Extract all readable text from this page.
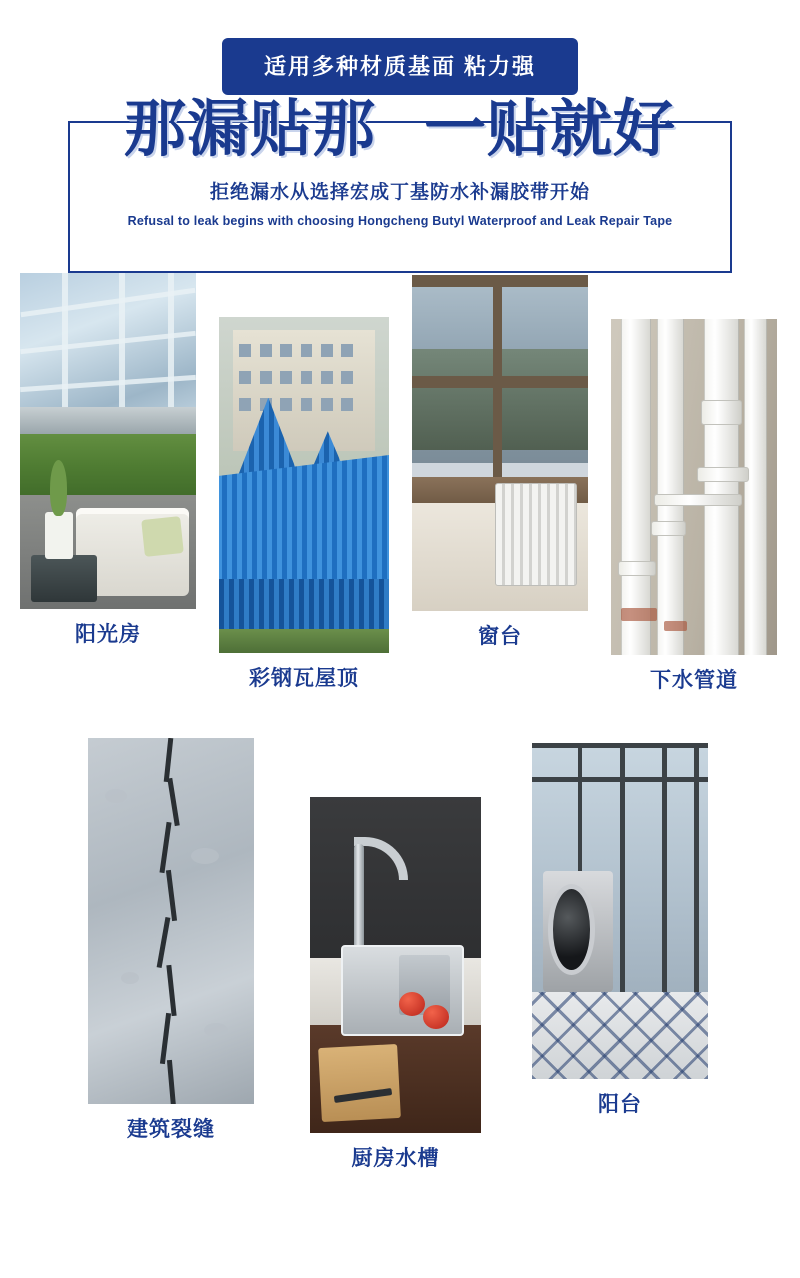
适用多种材质基面 粘力强
那漏贴那 一贴就好
拒绝漏水从选择宏成丁基防水补漏胶带开始
Refusal to leak begins with choosing Hongcheng Butyl Waterproof and Leak Repair Tape
阳光房
彩钢瓦屋顶
窗台
下水管道
建筑裂缝
厨房水槽
阳台
